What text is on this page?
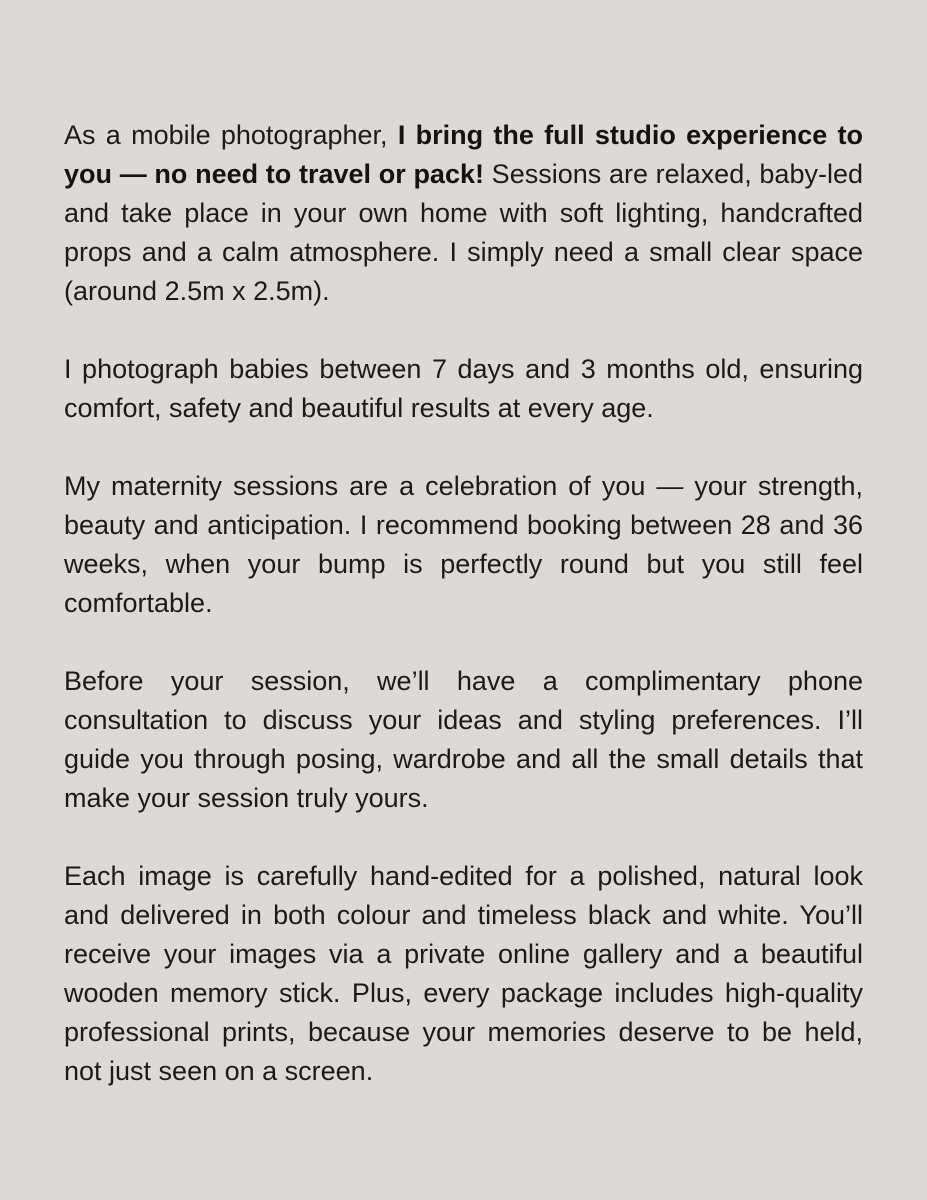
As a mobile photographer, I bring the full studio experience to you — no need to travel or pack! Sessions are relaxed, baby-led and take place in your own home with soft lighting, handcrafted props and a calm atmosphere. I simply need a small clear space (around 2.5m x 2.5m).

I photograph babies between 7 days and 3 months old, ensuring comfort, safety and beautiful results at every age.

My maternity sessions are a celebration of you — your strength, beauty and anticipation. I recommend booking between 28 and 36 weeks, when your bump is perfectly round but you still feel comfortable.

Before your session, we’ll have a complimentary phone consultation to discuss your ideas and styling preferences. I’ll guide you through posing, wardrobe and all the small details that make your session truly yours.

Each image is carefully hand-edited for a polished, natural look and delivered in both colour and timeless black and white. You’ll receive your images via a private online gallery and a beautiful wooden memory stick. Plus, every package includes high-quality professional prints, because your memories deserve to be held, not just seen on a screen.
